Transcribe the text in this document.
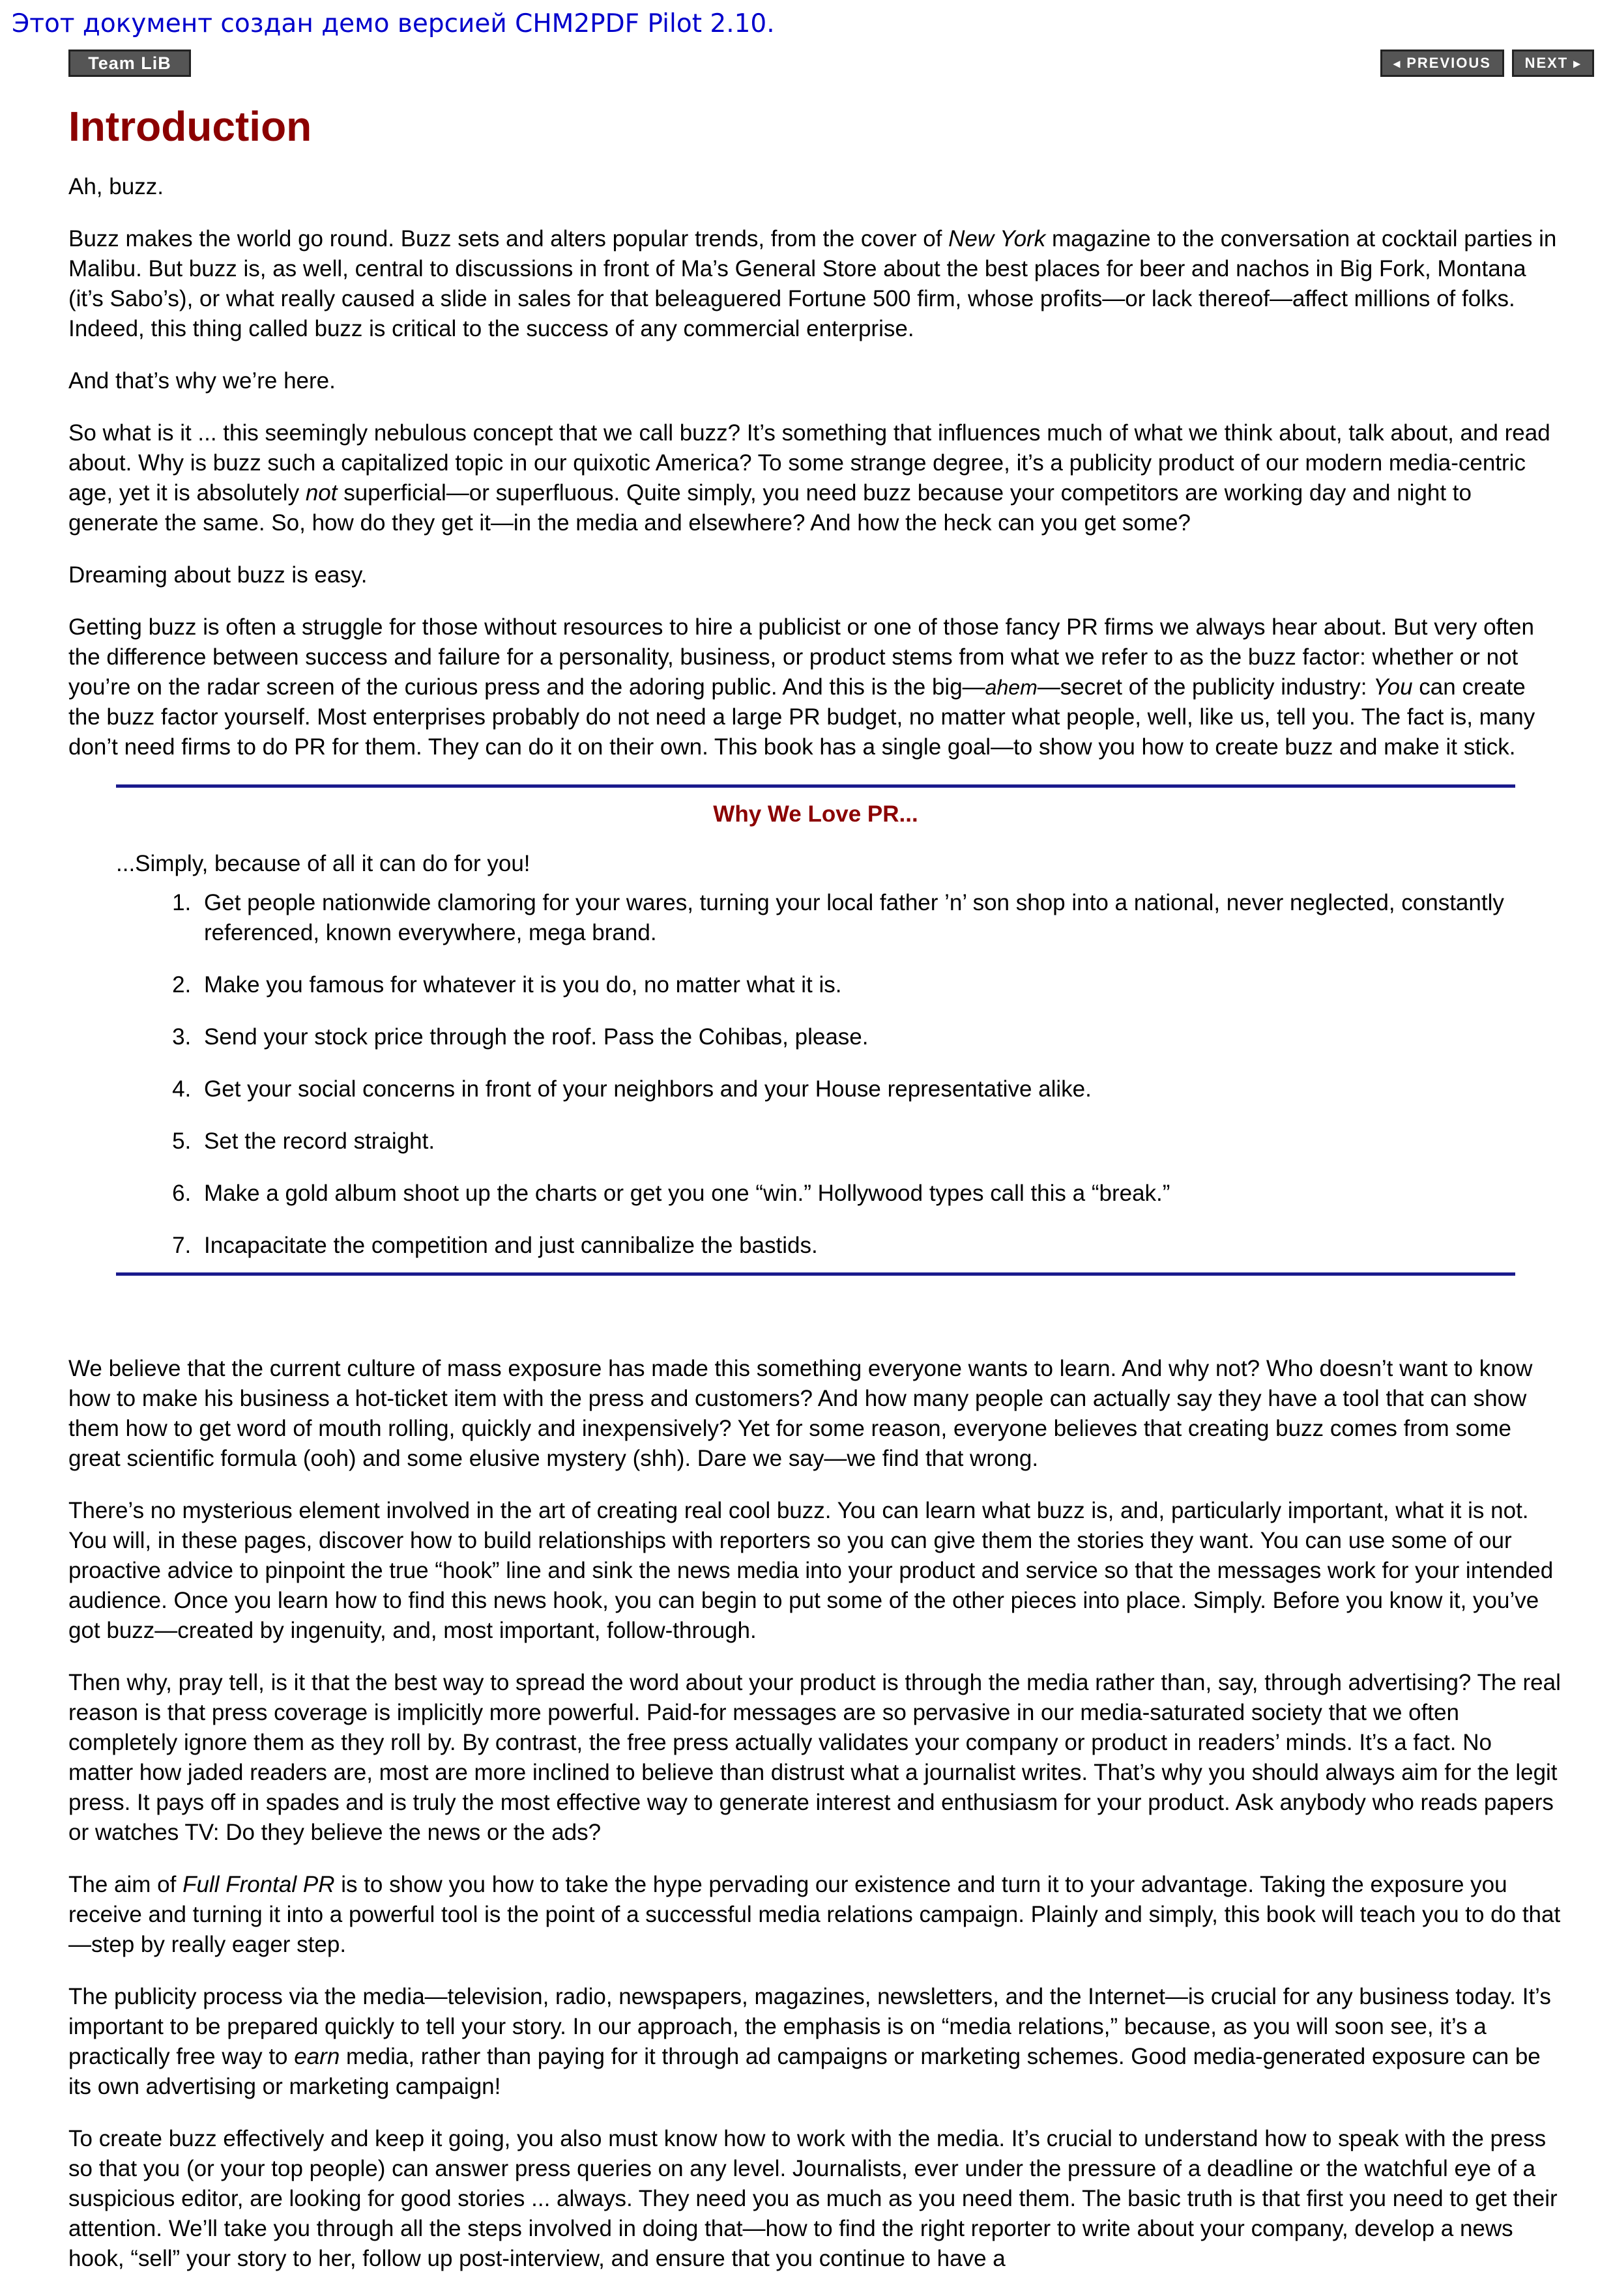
Этот документ создан демо версией CHM2PDF Pilot 2.10.
Team LiB	◂ PREVIOUS	NEXT ▸
Introduction

Ah, buzz.

Buzz makes the world go round. Buzz sets and alters popular trends, from the cover of New York magazine to the conversation at cocktail parties in Malibu. But buzz is, as well, central to discussions in front of Ma’s General Store about the best places for beer and nachos in Big Fork, Montana (it’s Sabo’s), or what really caused a slide in sales for that beleaguered Fortune 500 firm, whose profits—or lack thereof—affect millions of folks. Indeed, this thing called buzz is critical to the success of any commercial enterprise.

And that’s why we’re here.

So what is it ... this seemingly nebulous concept that we call buzz? It’s something that influences much of what we think about, talk about, and read about. Why is buzz such a capitalized topic in our quixotic America? To some strange degree, it’s a publicity product of our modern media-centric age, yet it is absolutely not superficial—or superfluous. Quite simply, you need buzz because your competitors are working day and night to generate the same. So, how do they get it—in the media and elsewhere? And how the heck can you get some?

Dreaming about buzz is easy.

Getting buzz is often a struggle for those without resources to hire a publicist or one of those fancy PR firms we always hear about. But very often the difference between success and failure for a personality, business, or product stems from what we refer to as the buzz factor: whether or not you’re on the radar screen of the curious press and the adoring public. And this is the big—ahem—secret of the publicity industry: You can create the buzz factor yourself. Most enterprises probably do not need a large PR budget, no matter what people, well, like us, tell you. The fact is, many don’t need firms to do PR for them. They can do it on their own. This book has a single goal—to show you how to create buzz and make it stick.

Why We Love PR...
...Simply, because of all it can do for you!
1. Get people nationwide clamoring for your wares, turning your local father ’n’ son shop into a national, never neglected, constantly referenced, known everywhere, mega brand.
2. Make you famous for whatever it is you do, no matter what it is.
3. Send your stock price through the roof. Pass the Cohibas, please.
4. Get your social concerns in front of your neighbors and your House representative alike.
5. Set the record straight.
6. Make a gold album shoot up the charts or get you one “win.” Hollywood types call this a “break.”
7. Incapacitate the competition and just cannibalize the bastids.

We believe that the current culture of mass exposure has made this something everyone wants to learn. And why not? Who doesn’t want to know how to make his business a hot-ticket item with the press and customers? And how many people can actually say they have a tool that can show them how to get word of mouth rolling, quickly and inexpensively? Yet for some reason, everyone believes that creating buzz comes from some great scientific formula (ooh) and some elusive mystery (shh). Dare we say—we find that wrong.

There’s no mysterious element involved in the art of creating real cool buzz. You can learn what buzz is, and, particularly important, what it is not. You will, in these pages, discover how to build relationships with reporters so you can give them the stories they want. You can use some of our proactive advice to pinpoint the true “hook” line and sink the news media into your product and service so that the messages work for your intended audience. Once you learn how to find this news hook, you can begin to put some of the other pieces into place. Simply. Before you know it, you’ve got buzz—created by ingenuity, and, most important, follow-through.

Then why, pray tell, is it that the best way to spread the word about your product is through the media rather than, say, through advertising? The real reason is that press coverage is implicitly more powerful. Paid-for messages are so pervasive in our media-saturated society that we often completely ignore them as they roll by. By contrast, the free press actually validates your company or product in readers’ minds. It’s a fact. No matter how jaded readers are, most are more inclined to believe than distrust what a journalist writes. That’s why you should always aim for the legit press. It pays off in spades and is truly the most effective way to generate interest and enthusiasm for your product. Ask anybody who reads papers or watches TV: Do they believe the news or the ads?

The aim of Full Frontal PR is to show you how to take the hype pervading our existence and turn it to your advantage. Taking the exposure you receive and turning it into a powerful tool is the point of a successful media relations campaign. Plainly and simply, this book will teach you to do that—step by really eager step.

The publicity process via the media—television, radio, newspapers, magazines, newsletters, and the Internet—is crucial for any business today. It’s important to be prepared quickly to tell your story. In our approach, the emphasis is on “media relations,” because, as you will soon see, it’s a practically free way to earn media, rather than paying for it through ad campaigns or marketing schemes. Good media-generated exposure can be its own advertising or marketing campaign!

To create buzz effectively and keep it going, you also must know how to work with the media. It’s crucial to understand how to speak with the press so that you (or your top people) can answer press queries on any level. Journalists, ever under the pressure of a deadline or the watchful eye of a suspicious editor, are looking for good stories ... always. They need you as much as you need them. The basic truth is that first you need to get their attention. We’ll take you through all the steps involved in doing that—how to find the right reporter to write about your company, develop a news hook, “sell” your story to her, follow up post-interview, and ensure that you continue to have a
